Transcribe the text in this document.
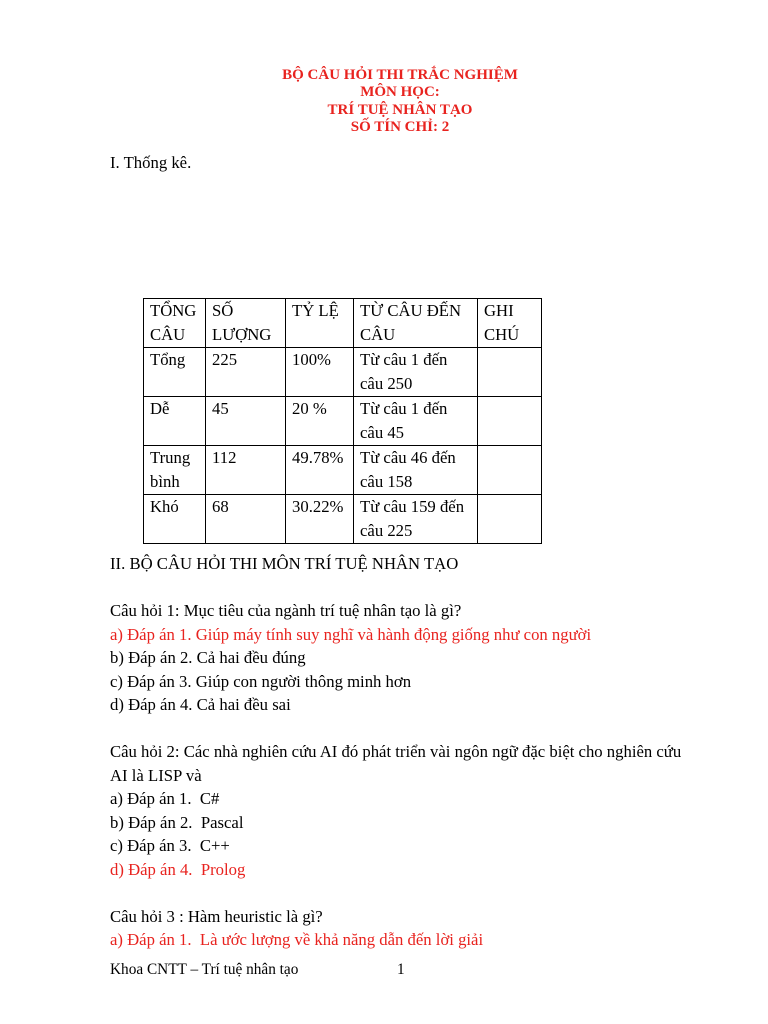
BỘ CÂU HỎI THI TRẮC NGHIỆM
MÔN HỌC:
TRÍ TUỆ NHÂN TẠO
SỐ TÍN CHỈ: 2
I. Thống kê.
TỔNG CÂU	SỐ LƯỢNG	TỶ LỆ	TỪ CÂU ĐẾN CÂU	GHI CHÚ
Tổng	225	100%	Từ câu 1 đến câu 250	
Dễ	45	20 %	Từ câu 1 đến câu 45	
Trung bình	112	49.78%	Từ câu 46 đến câu 158	
Khó	68	30.22%	Từ câu 159 đến câu 225	
II. BỘ CÂU HỎI THI MÔN TRÍ TUỆ NHÂN TẠO
Câu hỏi 1: Mục tiêu của ngành trí tuệ nhân tạo là gì?
a) Đáp án 1. Giúp máy tính suy nghĩ và hành động giống như con người
b) Đáp án 2. Cả hai đều đúng
c) Đáp án 3. Giúp con người thông minh hơn
d) Đáp án 4. Cả hai đều sai
Câu hỏi 2: Các nhà nghiên cứu AI đó phát triển vài ngôn ngữ đặc biệt cho nghiên cứu AI là LISP và
a) Đáp án 1.  C#
b) Đáp án 2.  Pascal
c) Đáp án 3.  C++
d) Đáp án 4.  Prolog
Câu hỏi 3 : Hàm heuristic là gì?
a) Đáp án 1.  Là ước lượng về khả năng dẫn đến lời giải
Khoa CNTT – Trí tuệ nhân tạo	1
